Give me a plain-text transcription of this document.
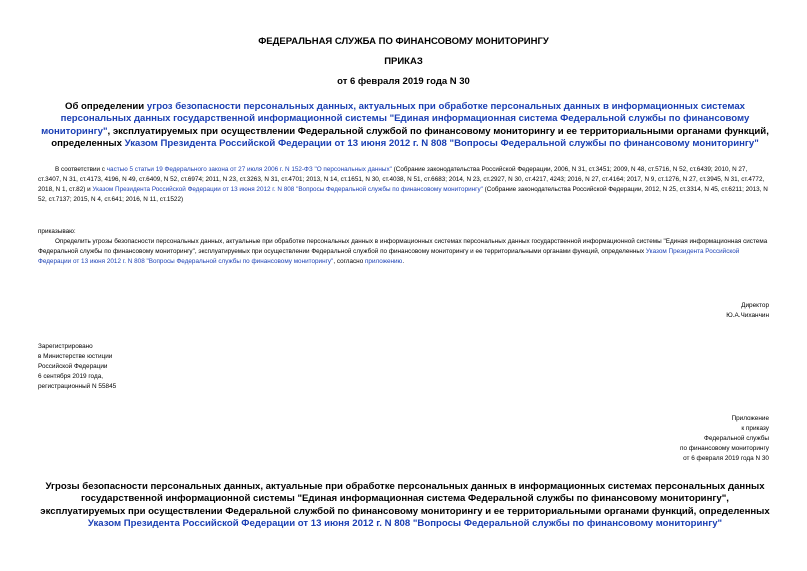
ФЕДЕРАЛЬНАЯ СЛУЖБА ПО ФИНАНСОВОМУ МОНИТОРИНГУ
ПРИКАЗ
от 6 февраля 2019 года N 30
Об определении угроз безопасности персональных данных, актуальных при обработке персональных данных в информационных системах персональных данных государственной информационной системы "Единая информационная система Федеральной службы по финансовому мониторингу", эксплуатируемых при осуществлении Федеральной службой по финансовому мониторингу и ее территориальными органами функций, определенных Указом Президента Российской Федерации от 13 июня 2012 г. N 808 "Вопросы Федеральной службы по финансовому мониторингу"
В соответствии с частью 5 статьи 19 Федерального закона от 27 июля 2006 г. N 152-ФЗ "О персональных данных" (Собрание законодательства Российской Федерации, 2006, N 31, ст.3451; 2009, N 48, ст.5716, N 52, ст.6439; 2010, N 27, ст.3407, N 31, ст.4173, 4196, N 49, ст.6409, N 52, ст.6974; 2011, N 23, ст.3263, N 31, ст.4701; 2013, N 14, ст.1651, N 30, ст.4038, N 51, ст.6683; 2014, N 23, ст.2927, N 30, ст.4217, 4243; 2016, N 27, ст.4164; 2017, N 9, ст.1276, N 27, ст.3945, N 31, ст.4772, 2018, N 1, ст.82) и Указом Президента Российской Федерации от 13 июня 2012 г. N 808 "Вопросы Федеральной службы по финансовому мониторингу" (Собрание законодательства Российской Федерации, 2012, N 25, ст.3314, N 45, ст.6211; 2013, N 52, ст.7137; 2015, N 4, ст.641; 2016, N 11, ст.1522)
приказываю:
Определить угрозы безопасности персональных данных, актуальные при обработке персональных данных в информационных системах персональных данных государственной информационной системы "Единая информационная система Федеральной службы по финансовому мониторингу", эксплуатируемых при осуществлении Федеральной службой по финансовому мониторингу и ее территориальными органами функций, определенных Указом Президента Российской Федерации от 13 июня 2012 г. N 808 "Вопросы Федеральной службы по финансовому мониторингу", согласно приложению.
Директор
Ю.А.Чиханчин
Зарегистрировано
в Министерстве юстиции
Российской Федерации
6 сентября 2019 года,
регистрационный N 55845
Приложение
к приказу
Федеральной службы
по финансовому мониторингу
от 6 февраля 2019 года N 30
Угрозы безопасности персональных данных, актуальные при обработке персональных данных в информационных системах персональных данных государственной информационной системы "Единая информационная система Федеральной службы по финансовому мониторингу", эксплуатируемых при осуществлении Федеральной службой по финансовому мониторингу и ее территориальными органами функций, определенных Указом Президента Российской Федерации от 13 июня 2012 г. N 808 "Вопросы Федеральной службы по финансовому мониторингу"
